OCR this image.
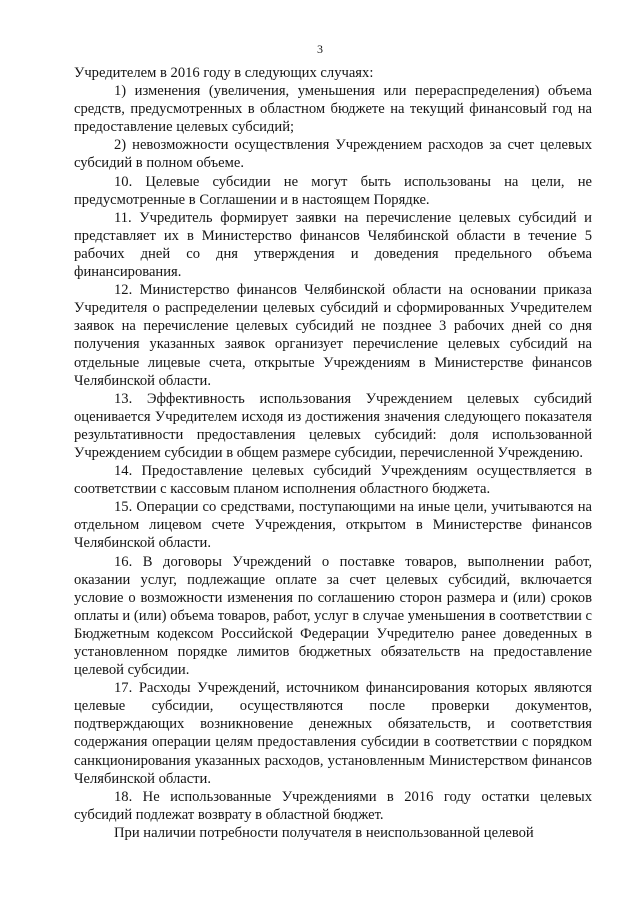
3

Учредителем в 2016 году в следующих случаях:

1) изменения (увеличения, уменьшения или перераспределения) объема средств, предусмотренных в областном бюджете на текущий финансовый год на предоставление целевых субсидий;

2) невозможности осуществления Учреждением расходов за счет целевых субсидий в полном объеме.

10. Целевые субсидии не могут быть использованы на цели, не предусмотренные в Соглашении и в настоящем Порядке.

11. Учредитель формирует заявки на перечисление целевых субсидий и представляет их в Министерство финансов Челябинской области в течение 5 рабочих дней со дня утверждения и доведения предельного объема финансирования.

12. Министерство финансов Челябинской области на основании приказа Учредителя о распределении целевых субсидий и сформированных Учредителем заявок на перечисление целевых субсидий не позднее 3 рабочих дней со дня получения указанных заявок организует перечисление целевых субсидий на отдельные лицевые счета, открытые Учреждениям в Министерстве финансов Челябинской области.

13. Эффективность использования Учреждением целевых субсидий оценивается Учредителем исходя из достижения значения следующего показателя результативности предоставления целевых субсидий: доля использованной Учреждением субсидии в общем размере субсидии, перечисленной Учреждению.

14. Предоставление целевых субсидий Учреждениям осуществляется в соответствии с кассовым планом исполнения областного бюджета.

15. Операции со средствами, поступающими на иные цели, учитываются на отдельном лицевом счете Учреждения, открытом в Министерстве финансов Челябинской области.

16. В договоры Учреждений о поставке товаров, выполнении работ, оказании услуг, подлежащие оплате за счет целевых субсидий, включается условие о возможности изменения по соглашению сторон размера и (или) сроков оплаты и (или) объема товаров, работ, услуг в случае уменьшения в соответствии с Бюджетным кодексом Российской Федерации Учредителю ранее доведенных в установленном порядке лимитов бюджетных обязательств на предоставление целевой субсидии.

17. Расходы Учреждений, источником финансирования которых являются целевые субсидии, осуществляются после проверки документов, подтверждающих возникновение денежных обязательств, и соответствия содержания операции целям предоставления субсидии в соответствии с порядком санкционирования указанных расходов, установленным Министерством финансов Челябинской области.

18. Не использованные Учреждениями в 2016 году остатки целевых субсидий подлежат возврату в областной бюджет.

При наличии потребности получателя в неиспользованной целевой
